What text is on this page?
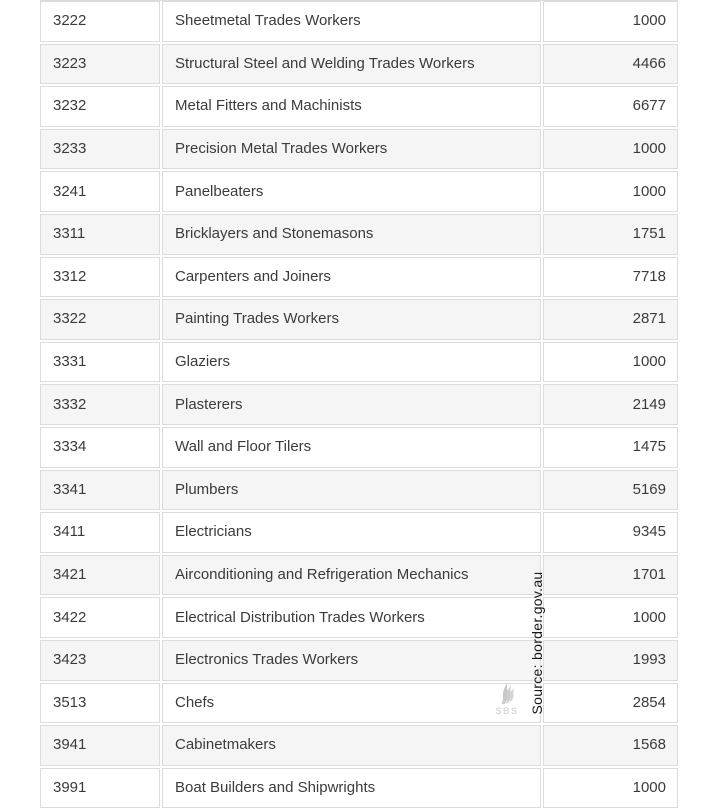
3222	Sheetmetal Trades Workers	1000
3223	Structural Steel and Welding Trades Workers	4466
3232	Metal Fitters and Machinists	6677
3233	Precision Metal Trades Workers	1000
3241	Panelbeaters	1000
3311	Bricklayers and Stonemasons	1751
3312	Carpenters and Joiners	7718
3322	Painting Trades Workers	2871
3331	Glaziers	1000
3332	Plasterers	2149
3334	Wall and Floor Tilers	1475
3341	Plumbers	5169
3411	Electricians	9345
3421	Airconditioning and Refrigeration Mechanics	1701
3422	Electrical Distribution Trades Workers	1000
3423	Electronics Trades Workers	1993
3513	Chefs	2854
3941	Cabinetmakers	1568
3991	Boat Builders and Shipwrights	1000
Source: border.gov.au
SBS
